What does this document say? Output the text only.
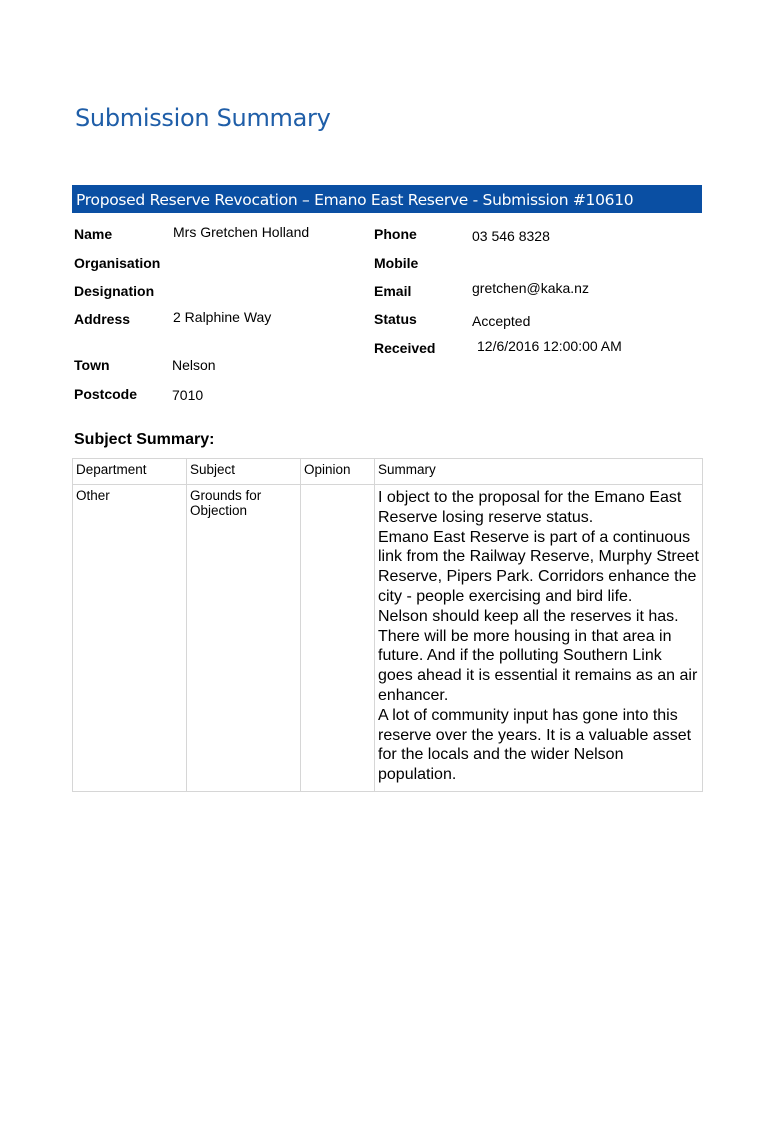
Submission Summary
Proposed Reserve Revocation – Emano East Reserve - Submission #10610
Name	Mrs Gretchen Holland
Organisation
Designation
Address	2 Ralphine Way
Town	Nelson
Postcode 7010
Phone	03 546 8328
Mobile
Email	gretchen@kaka.nz
Status	Accepted
Received	12/6/2016 12:00:00 AM
Subject Summary:
Department	Subject	Opinion	Summary
Other	Grounds for Objection		I object to the proposal for the Emano East Reserve losing reserve status.
Emano East Reserve is part of a continuous link from the Railway Reserve, Murphy Street Reserve, Pipers Park. Corridors enhance the city - people exercising and bird life.
Nelson should keep all the reserves it has. There will be more housing in that area in future. And if the polluting Southern Link goes ahead it is essential it remains as an air enhancer.
A lot of community input has gone into this reserve over the years. It is a valuable asset for the locals and the wider Nelson population.
